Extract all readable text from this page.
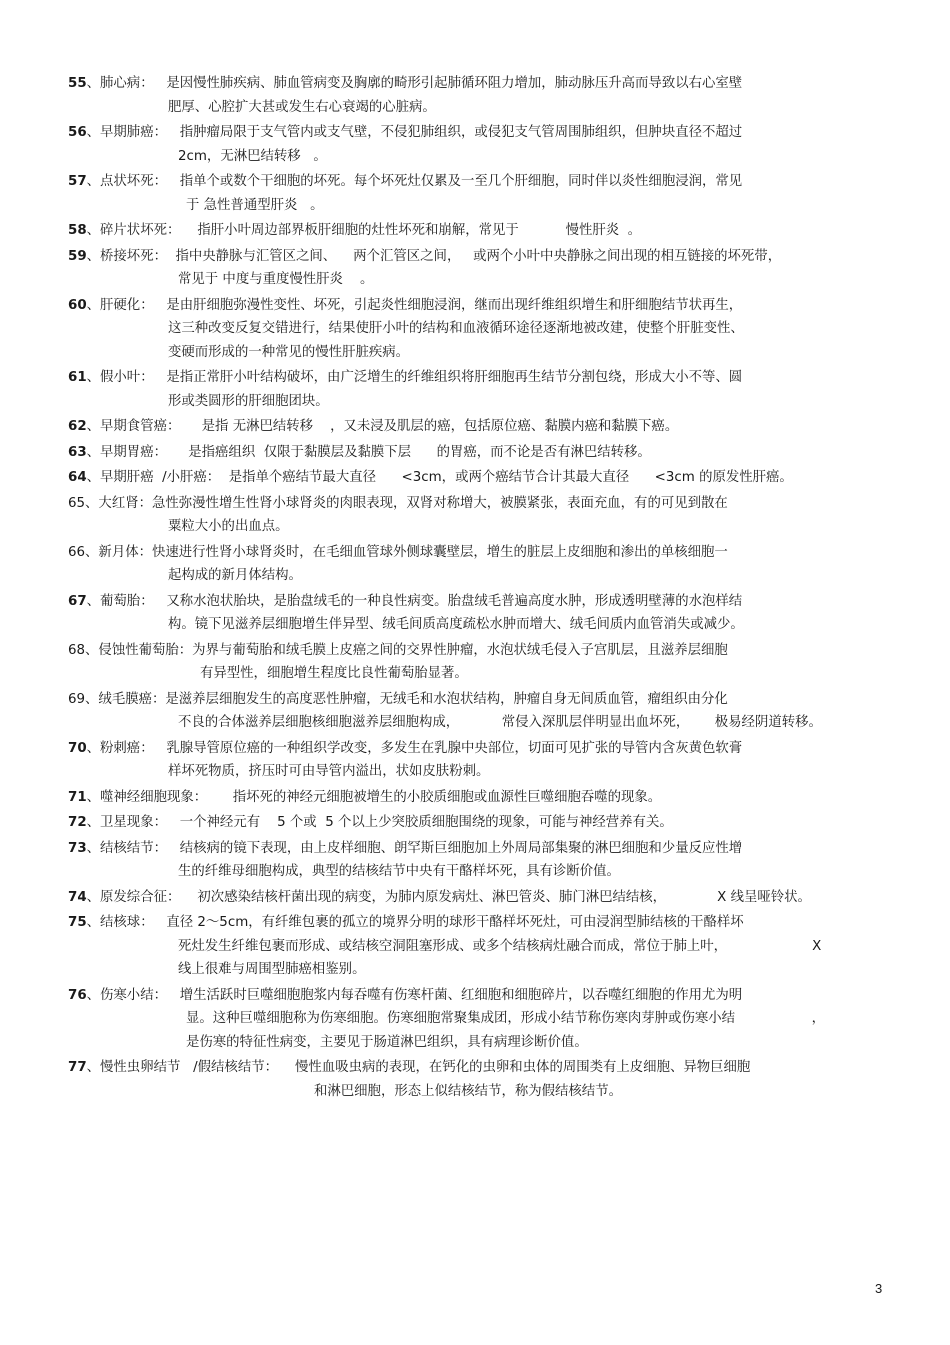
55、肺心病：   是因慢性肺疾病、肺血管病变及胸廓的畸形引起肺循环阻力增加，肺动脉压升高而导致以右心室壁
肥厚、心腔扩大甚或发生右心衰竭的心脏病。
56、早期肺癌：   指肿瘤局限于支气管内或支气壁，不侵犯肺组织，或侵犯支气管周围肺组织，但肿块直径不超过
2cm，无淋巴结转移   。
57、点状坏死：   指单个或数个干细胞的坏死。每个坏死灶仅累及一至几个肝细胞，同时伴以炎性细胞浸润，常见
于 急性普通型肝炎   。
58、碎片状坏死：    指肝小叶周边部界板肝细胞的灶性坏死和崩解，常见于           慢性肝炎  。
59、桥接坏死：  指中央静脉与汇管区之间、    两个汇管区之间，   或两个小叶中央静脉之间出现的相互链接的坏死带，
常见于 中度与重度慢性肝炎    。
60、肝硬化：   是由肝细胞弥漫性变性、坏死，引起炎性细胞浸润，继而出现纤维组织增生和肝细胞结节状再生，
这三种改变反复交错进行，结果使肝小叶的结构和血液循环途径逐渐地被改建，使整个肝脏变性、
变硬而形成的一种常见的慢性肝脏疾病。
61、假小叶：   是指正常肝小叶结构破坏，由广泛增生的纤维组织将肝细胞再生结节分割包绕，形成大小不等、圆
形或类圆形的肝细胞团块。
62、早期食管癌：     是指 无淋巴结转移    ，又未浸及肌层的癌，包括原位癌、黏膜内癌和黏膜下癌。
63、早期胃癌：     是指癌组织  仅限于黏膜层及黏膜下层      的胃癌，而不论是否有淋巴结转移。
64、早期肝癌  /小肝癌：  是指单个癌结节最大直径      <3cm，或两个癌结节合计其最大直径      <3cm 的原发性肝癌。
65、大红肾：急性弥漫性增生性肾小球肾炎的肉眼表现，双肾对称增大，被膜紧张，表面充血，有的可见到散在
粟粒大小的出血点。
66、新月体：快速进行性肾小球肾炎时，在毛细血管球外侧球囊壁层，增生的脏层上皮细胞和渗出的单核细胞一
起构成的新月体结构。
67、葡萄胎：   又称水泡状胎块，是胎盘绒毛的一种良性病变。胎盘绒毛普遍高度水肿，形成透明壁薄的水泡样结
构。镜下见滋养层细胞增生伴异型、绒毛间质高度疏松水肿而增大、绒毛间质内血管消失或减少。
68、侵蚀性葡萄胎：为界与葡萄胎和绒毛膜上皮癌之间的交界性肿瘤，水泡状绒毛侵入子宫肌层，且滋养层细胞
有异型性，细胞增生程度比良性葡萄胎显著。
69、绒毛膜癌：是滋养层细胞发生的高度恶性肿瘤，无绒毛和水泡状结构，肿瘤自身无间质血管，瘤组织由分化
不良的合体滋养层细胞核细胞滋养层细胞构成，          常侵入深肌层伴明显出血坏死，      极易经阴道转移。
70、粉刺癌：   乳腺导管原位癌的一种组织学改变，多发生在乳腺中央部位，切面可见扩张的导管内含灰黄色软膏
样坏死物质，挤压时可由导管内溢出，状如皮肤粉刺。
71、噬神经细胞现象：      指坏死的神经元细胞被增生的小胶质细胞或血源性巨噬细胞吞噬的现象。
72、卫星现象：   一个神经元有    5 个或  5 个以上少突胶质细胞围绕的现象，可能与神经营养有关。
73、结核结节：   结核病的镜下表现，由上皮样细胞、朗罕斯巨细胞加上外周局部集聚的淋巴细胞和少量反应性增
生的纤维母细胞构成，典型的结核结节中央有干酪样坏死，具有诊断价值。
74、原发综合征：    初次感染结核杆菌出现的病变，为肺内原发病灶、淋巴管炎、肺门淋巴结结核，            X 线呈哑铃状。
75、结核球：   直径 2～5cm，有纤维包裹的孤立的境界分明的球形干酪样坏死灶，可由浸润型肺结核的干酪样坏
死灶发生纤维包裹而形成、或结核空洞阻塞形成、或多个结核病灶融合而成，常位于肺上叶，                    X
线上很难与周围型肺癌相鉴别。
76、伤寒小结：   增生活跃时巨噬细胞胞浆内每吞噬有伤寒杆菌、红细胞和细胞碎片，以吞噬红细胞的作用尤为明
显。这种巨噬细胞称为伤寒细胞。伤寒细胞常聚集成团，形成小结节称伤寒肉芽肿或伤寒小结                  ，
是伤寒的特征性病变，主要见于肠道淋巴组织，具有病理诊断价值。
77、慢性虫卵结节   /假结核结节：    慢性血吸虫病的表现，在钙化的虫卵和虫体的周围类有上皮细胞、异物巨细胞
和淋巴细胞，形态上似结核结节，称为假结核结节。
3
